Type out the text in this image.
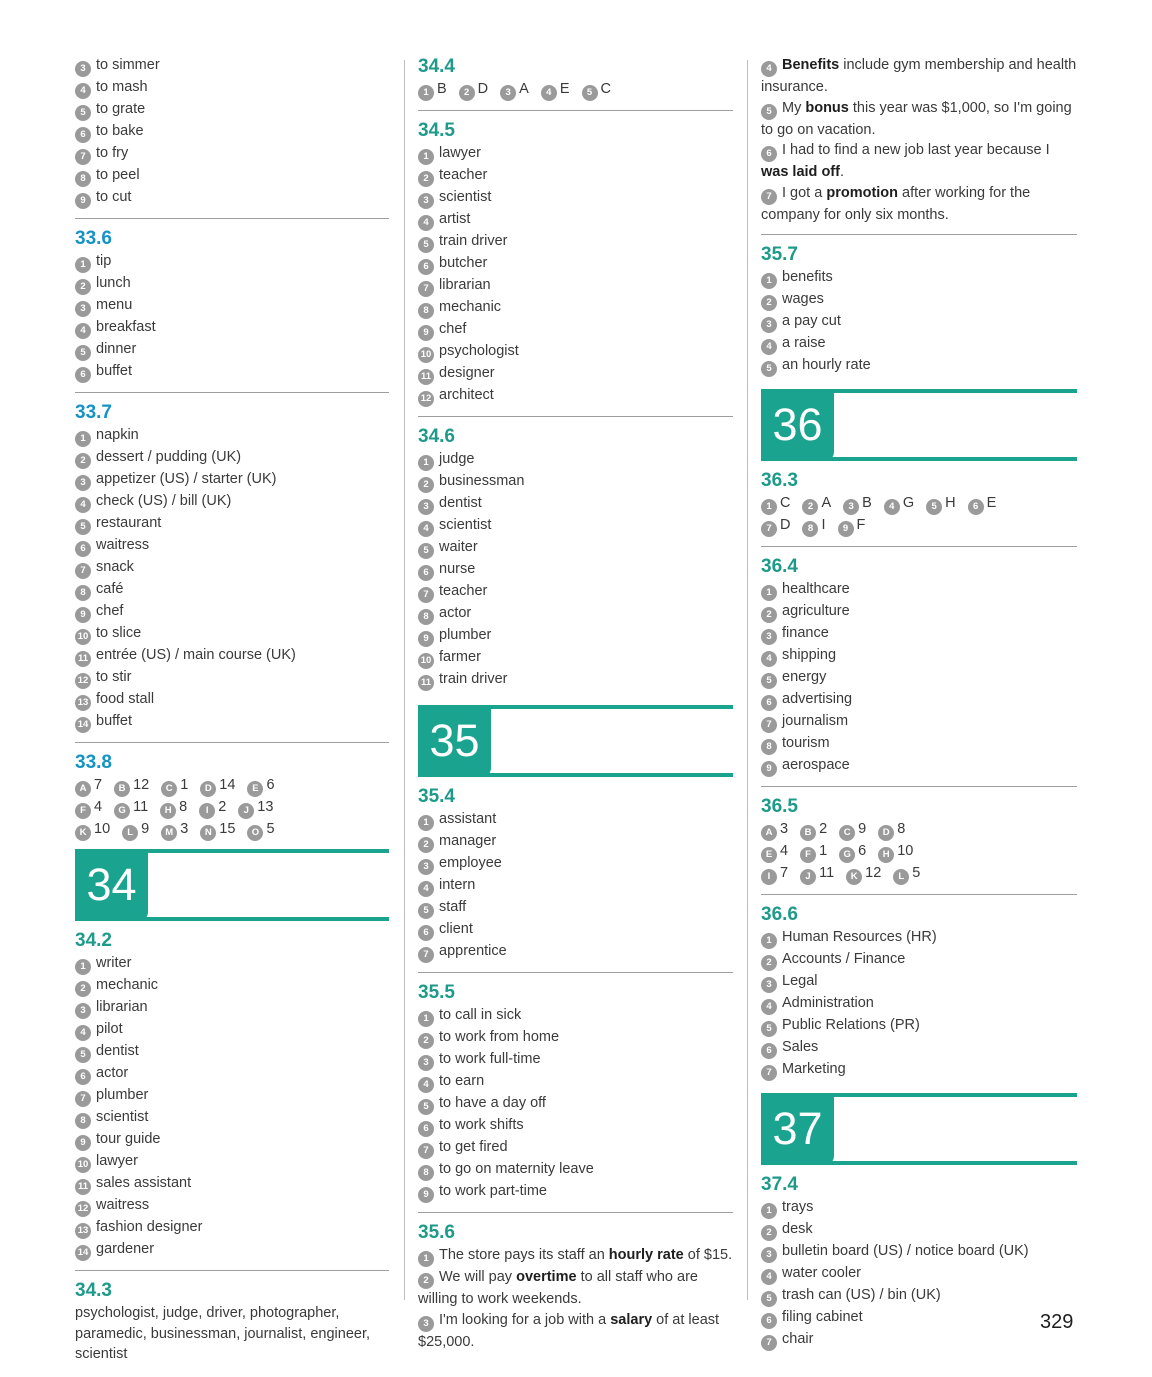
3 to simmer
4 to mash
5 to grate
6 to bake
7 to fry
8 to peel
9 to cut
33.6
1 tip
2 lunch
3 menu
4 breakfast
5 dinner
6 buffet
33.7
1 napkin
2 dessert / pudding (UK)
3 appetizer (US) / starter (UK)
4 check (US) / bill (UK)
5 restaurant
6 waitress
7 snack
8 café
9 chef
10 to slice
11 entrée (US) / main course (UK)
12 to stir
13 food stall
14 buffet
33.8
A 7 B 12 C 1 D 14 E 6
F 4 G 11 H 8 I 2 J 13
K 10 L 9 M 3 N 15 O 5
34
34.2
1 writer
2 mechanic
3 librarian
4 pilot
5 dentist
6 actor
7 plumber
8 scientist
9 tour guide
10 lawyer
11 sales assistant
12 waitress
13 fashion designer
14 gardener
34.3
psychologist, judge, driver, photographer, paramedic, businessman, journalist, engineer, scientist
34.4
1 B 2 D 3 A 4 E 5 C
34.5
1 lawyer
2 teacher
3 scientist
4 artist
5 train driver
6 butcher
7 librarian
8 mechanic
9 chef
10 psychologist
11 designer
12 architect
34.6
1 judge
2 businessman
3 dentist
4 scientist
5 waiter
6 nurse
7 teacher
8 actor
9 plumber
10 farmer
11 train driver
35
35.4
1 assistant
2 manager
3 employee
4 intern
5 staff
6 client
7 apprentice
35.5
1 to call in sick
2 to work from home
3 to work full-time
4 to earn
5 to have a day off
6 to work shifts
7 to get fired
8 to go on maternity leave
9 to work part-time
35.6
1 The store pays its staff an hourly rate of $15.
2 We will pay overtime to all staff who are willing to work weekends.
3 I'm looking for a job with a salary of at least $25,000.
4 Benefits include gym membership and health insurance.
5 My bonus this year was $1,000, so I'm going to go on vacation.
6 I had to find a new job last year because I was laid off.
7 I got a promotion after working for the company for only six months.
35.7
1 benefits
2 wages
3 a pay cut
4 a raise
5 an hourly rate
36
36.3
1 C 2 A 3 B 4 G 5 H 6 E
7 D 8 I 9 F
36.4
1 healthcare
2 agriculture
3 finance
4 shipping
5 energy
6 advertising
7 journalism
8 tourism
9 aerospace
36.5
A 3 B 2 C 9 D 8
E 4 F 1 G 6 H 10
I 7 J 11 K 12 L 5
36.6
1 Human Resources (HR)
2 Accounts / Finance
3 Legal
4 Administration
5 Public Relations (PR)
6 Sales
7 Marketing
37
37.4
1 trays
2 desk
3 bulletin board (US) / notice board (UK)
4 water cooler
5 trash can (US) / bin (UK)
6 filing cabinet
7 chair
329
